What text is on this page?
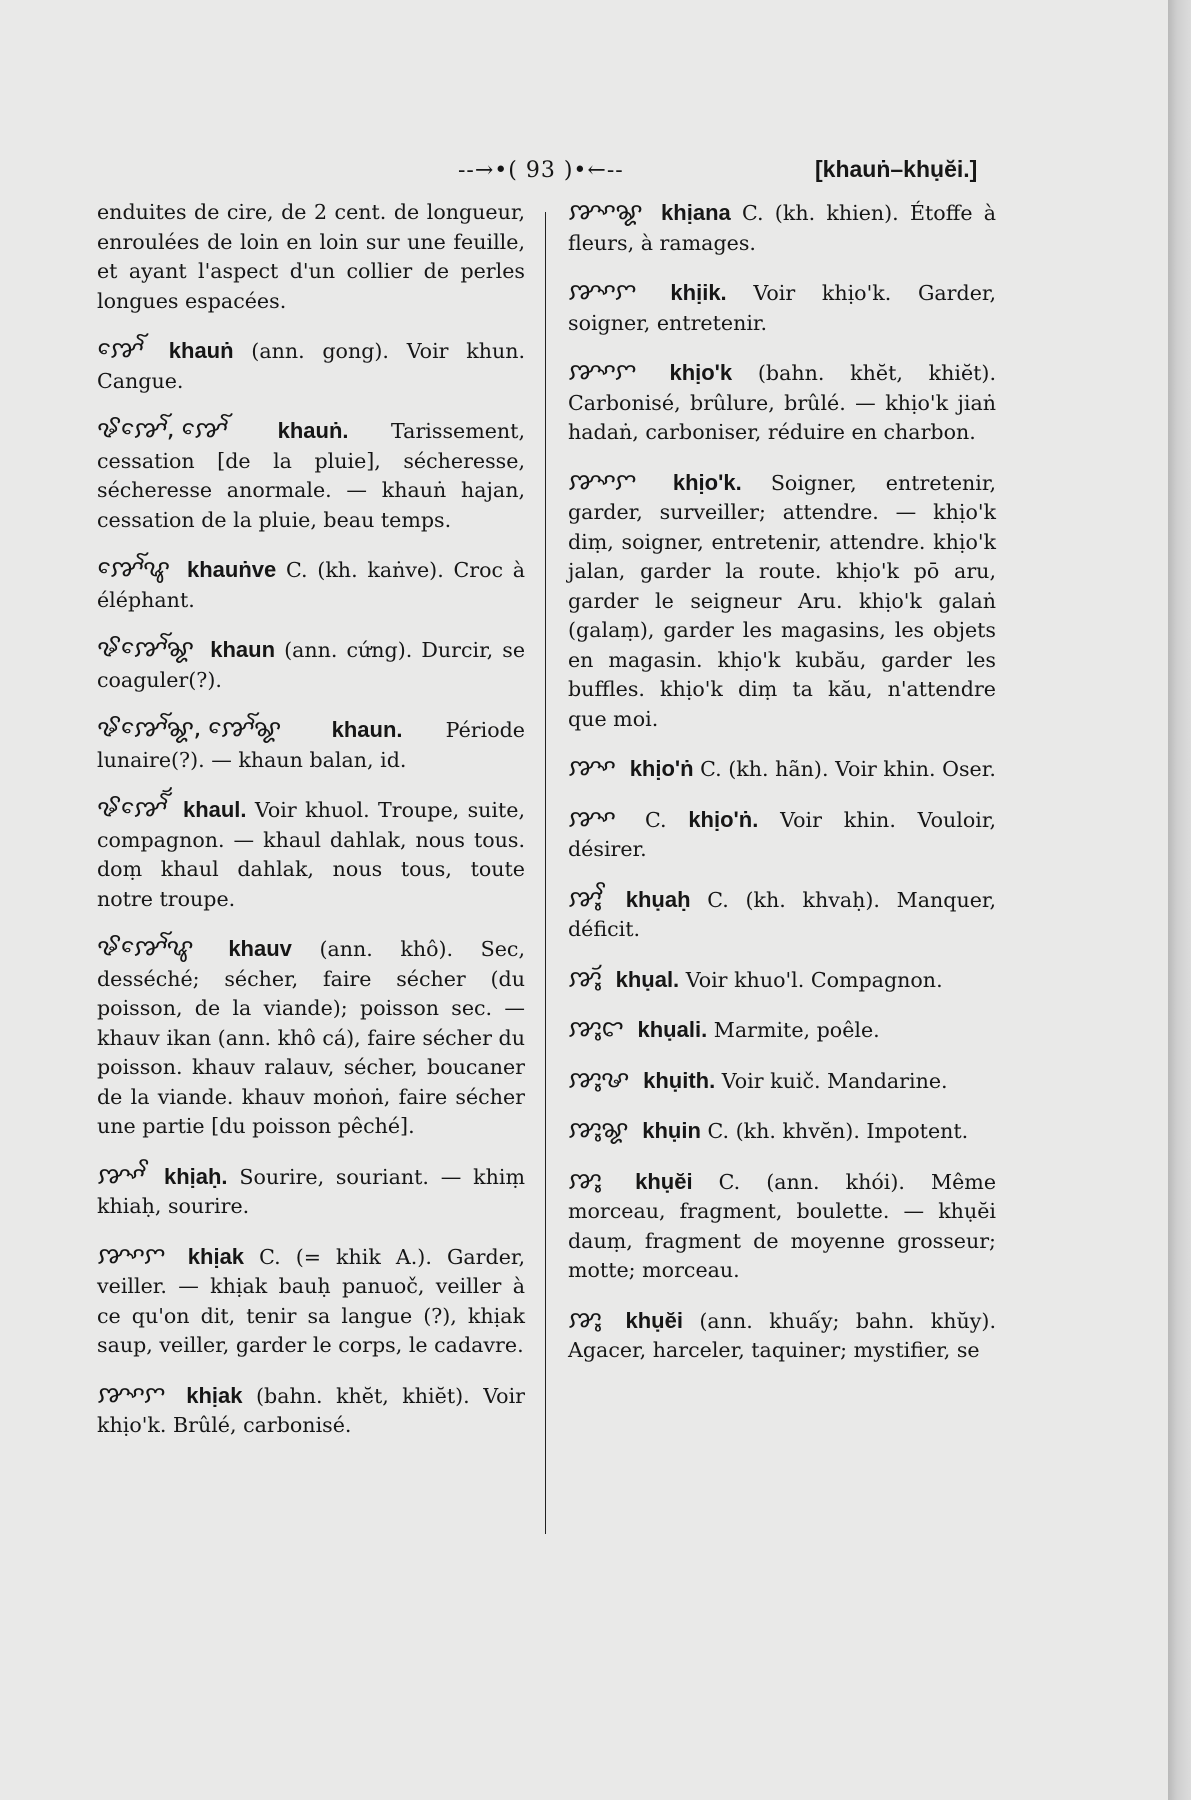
--→•( 93 )•←--	[khauṅ–khụĕi.]
enduites de cire, de 2 cent. de longueur, enroulées de loin en loin sur une feuille, et ayant l'aspect d'un collier de perles longues espacées.
ꨇꨯꨱ khauṅ (ann. gong). Voir khun. Cangue.
ꨃꨇꨯꨱ, ꨇꨯꨱ khauṅ. Tarissement, cessation [de la pluie], sécheresse, sécheresse anormale. — khauṅ hajan, cessation de la pluie, beau temps.
ꨇꨯꨱꨥ khauṅve C. (kh. kaṅve). Croc à éléphant.
ꨃꨇꨯꨱꨘ khaun (ann. cứng). Durcir, se coaguler(?).
ꨃꨇꨯꨱꨘ, ꨇꨯꨱꨘ khaun. Période lunaire(?). — khaun balan, id.
ꨃꨇꨯꨱꨮ khaul. Voir khuol. Troupe, suite, compagnon. — khaul dahlak, nous tous. doṃ khaul dahlak, nous tous, toute notre troupe.
ꨃꨇꨯꨱꨥ khauv (ann. khô). Sec, desséché; sécher, faire sécher (du poisson, de la viande); poisson sec. — khauv ikan (ann. khô cá), faire sécher du poisson. khauv ralauv, sécher, boucaner de la viande. khauv moṅoṅ, faire sécher une partie [du poisson pêché].
ꨇꨳꨩ khịaḥ. Sourire, souriant. — khiṃ khiaḥ, sourire.
ꨇꨳꨆ khịak C. (= khik A.). Garder, veiller. — khịak bauḥ panuoč, veiller à ce qu'on dit, tenir sa langue (?), khịak saup, veiller, garder le corps, le cadavre.
ꨇꨳꨆ khịak (bahn. khĕt, khiĕt). Voir khịo'k. Brûlé, carbonisé.
ꨇꨳꨘ khịana C. (kh. khien). Étoffe à fleurs, à ramages.
ꨇꨳꨆ khịik. Voir khịo'k. Garder, soigner, entretenir.
ꨇꨳꨆ khịo'k (bahn. khĕt, khiĕt). Carbonisé, brûlure, brûlé. — khịo'k jiaṅ hadaṅ, carboniser, réduire en charbon.
ꨇꨳꨆ khịo'k. Soigner, entretenir, garder, surveiller; attendre. — khịo'k diṃ, soigner, entretenir, attendre. khịo'k jalan, garder la route. khịo'k pō aru, garder le seigneur Aru. khịo'k galaṅ (galaṃ), garder les magasins, les objets en magasin. khịo'k kubău, garder les buffles. khịo'k diṃ ta kău, n'attendre que moi.
ꨇꨳ khịo'ṅ C. (kh. hãn). Voir khin. Oser.
ꨇꨳ C. khịo'ṅ. Voir khin. Vouloir, désirer.
ꨇꨶꨩ khụaḥ C. (kh. khvaḥ). Manquer, déficit.
ꨇꨶꨮ khụal. Voir khuo'l. Compagnon.
ꨇꨶꨤ khụali. Marmite, poêle.
ꨇꨶꨔ khụith. Voir kuič. Mandarine.
ꨇꨶꨘ khụin C. (kh. khvĕn). Impotent.
ꨇꨶ khụĕi C. (ann. khói). Même morceau, fragment, boulette. — khụĕi dauṃ, fragment de moyenne grosseur; motte; morceau.
ꨇꨶ khụĕi (ann. khuấy; bahn. khŭy). Agacer, harceler, taquiner; mystifier, se
